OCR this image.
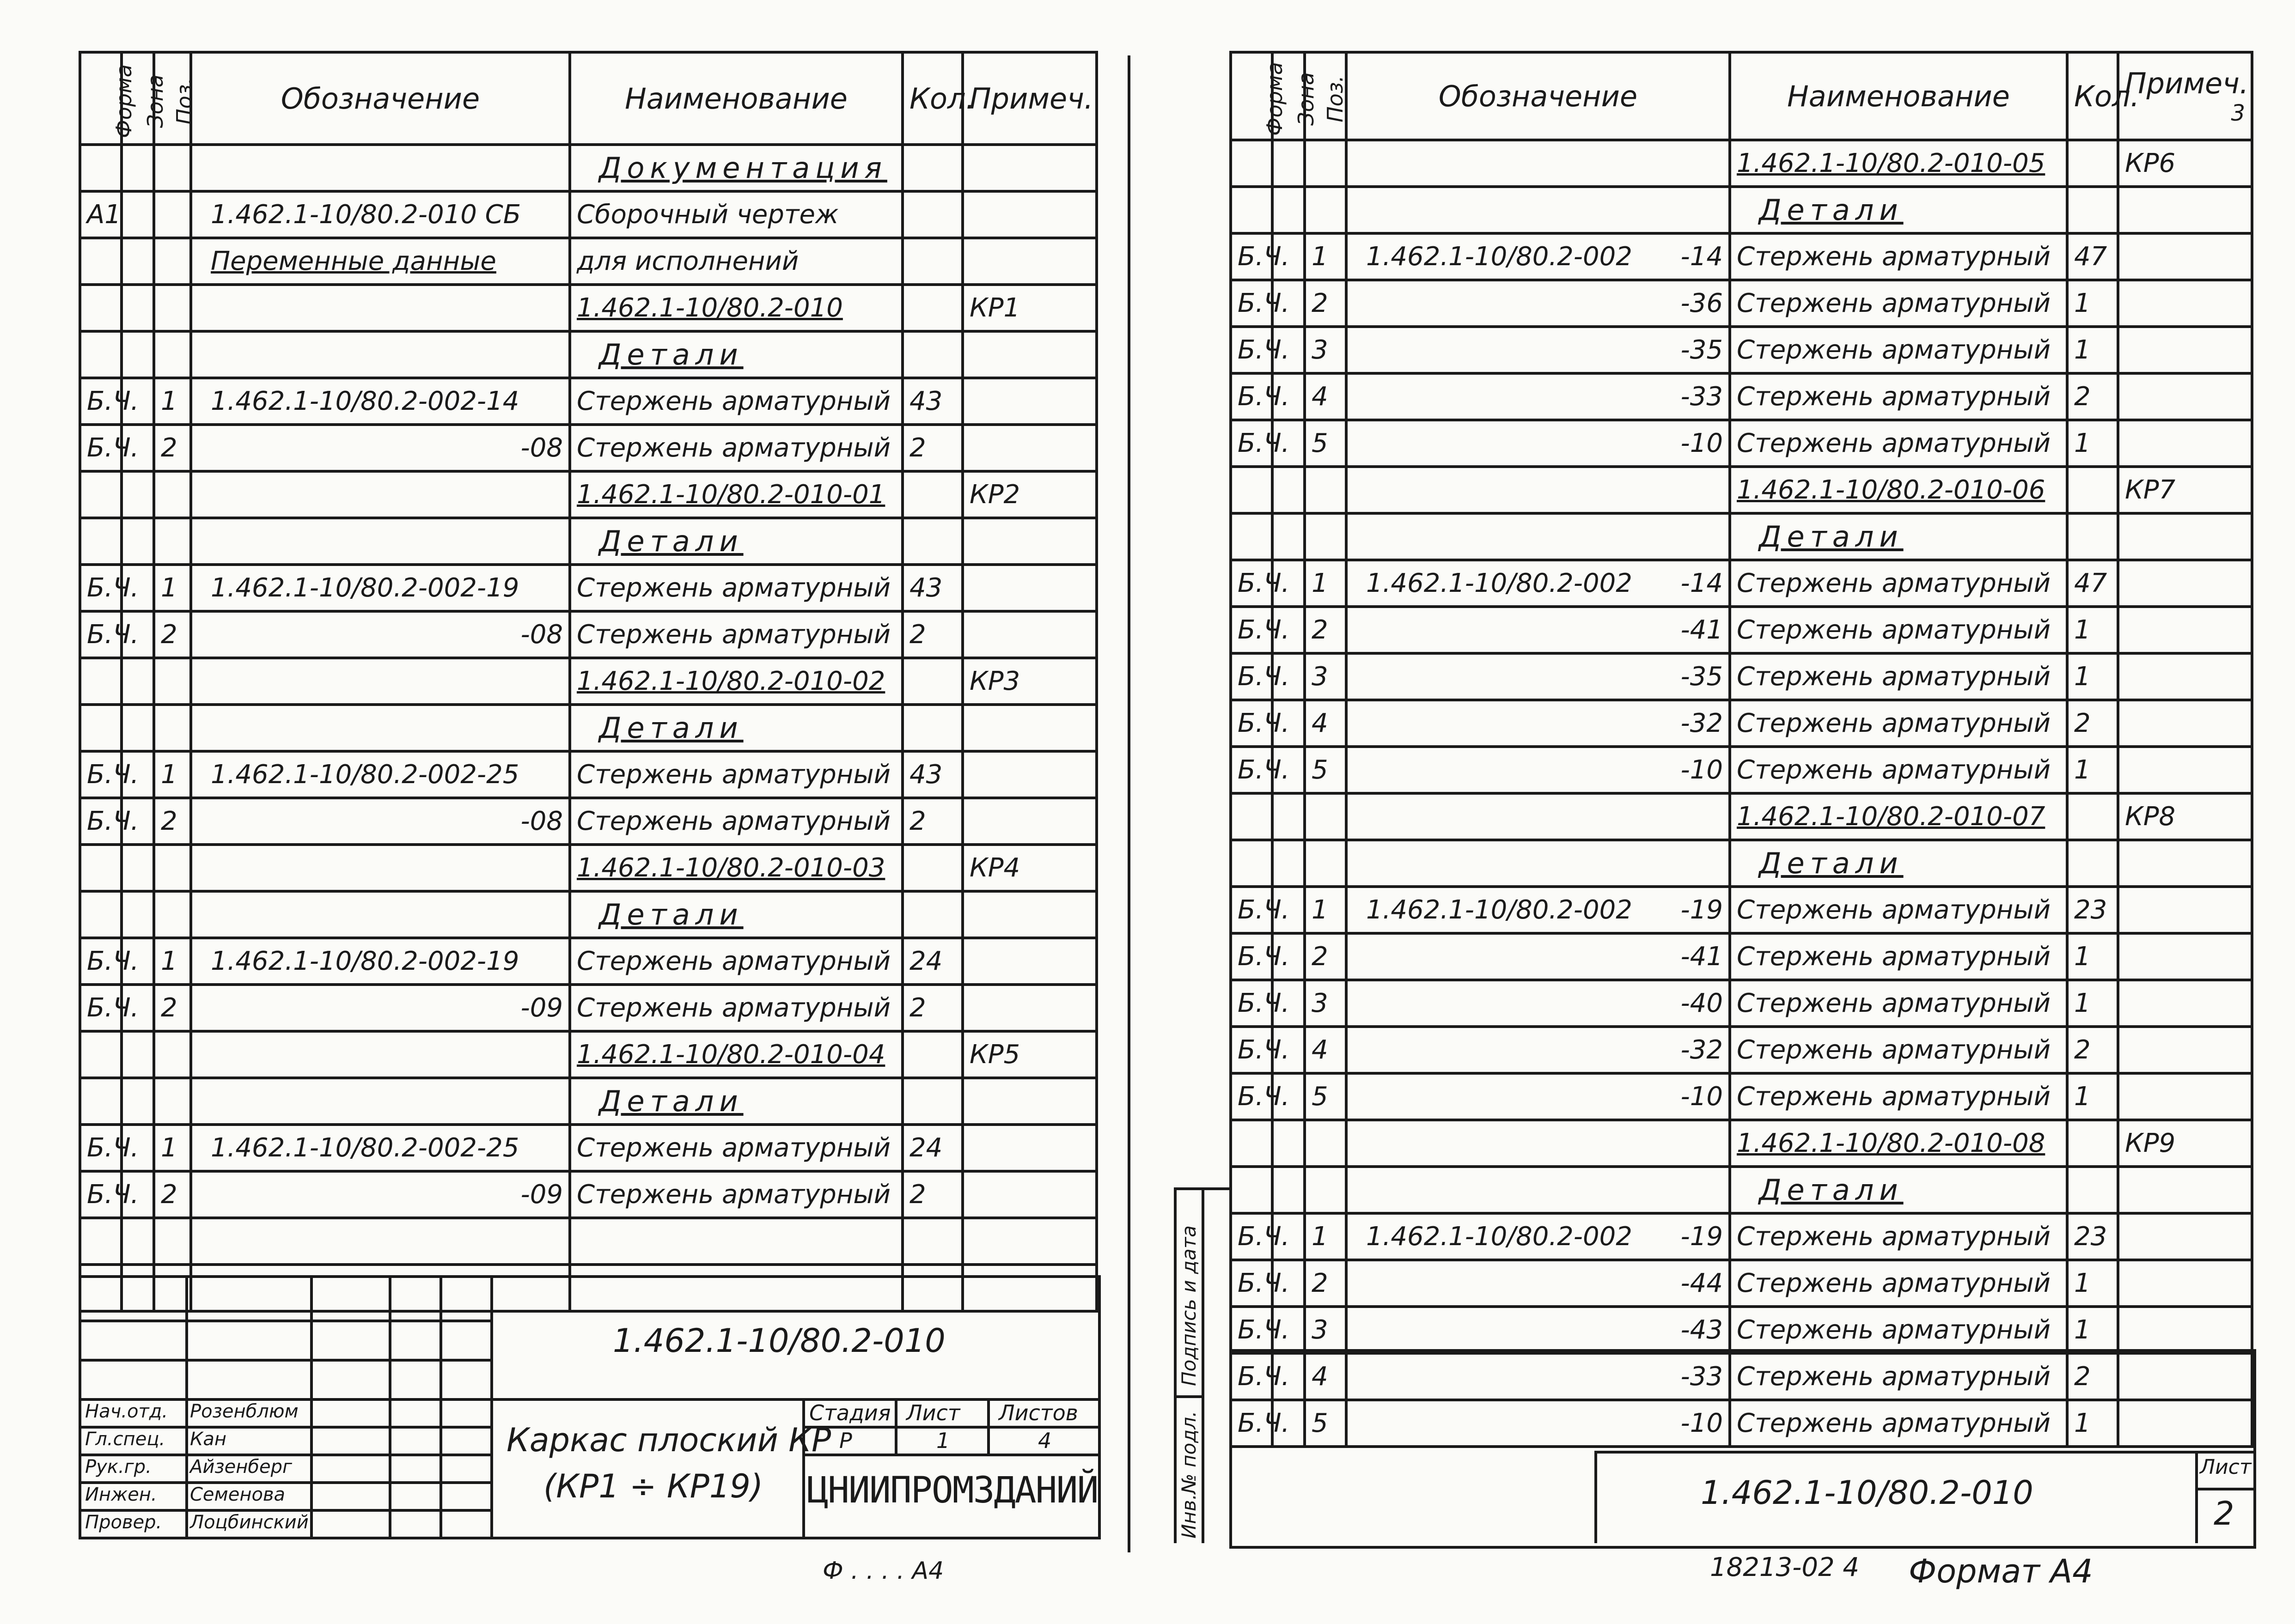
Форма	Зона	Поз.	Обозначение	Наименование	Кол.	Примеч.
				Документация		
А1			1.462.1-10/80.2-010 СБ	Сборочный чертеж		
			Переменные данные	для исполнений		
				1.462.1-10/80.2-010		КР1
				Детали		
Б.Ч.		1	1.462.1-10/80.2-002-14	Стержень арматурный	43	
Б.Ч.		2	-08	Стержень арматурный	2	
				1.462.1-10/80.2-010-01		КР2
				Детали		
Б.Ч.		1	1.462.1-10/80.2-002-19	Стержень арматурный	43	
Б.Ч.		2	-08	Стержень арматурный	2	
				1.462.1-10/80.2-010-02		КР3
				Детали		
Б.Ч.		1	1.462.1-10/80.2-002-25	Стержень арматурный	43	
Б.Ч.		2	-08	Стержень арматурный	2	
				1.462.1-10/80.2-010-03		КР4
				Детали		
Б.Ч.		1	1.462.1-10/80.2-002-19	Стержень арматурный	24	
Б.Ч.		2	-09	Стержень арматурный	2	
				1.462.1-10/80.2-010-04		КР5
				Детали		
Б.Ч.		1	1.462.1-10/80.2-002-25	Стержень арматурный	24	
Б.Ч.		2	-09	Стержень арматурный	2	

1.462.1-10/80.2-010
Каркас плоский КР
(КР1 ÷ КР19)
Стадия Лист Листов
Р	1	4
ЦНИИПРОМЗДАНИЙ
Нач.отд. Розенблюм
Гл.спец. Кан
Рук.гр. Айзенберг
Инжен. Семенова
Провер. Лоцбинский
Ф . . . . А4
Форма	Зона	Поз.	Обозначение	Наименование	Кол.	Примеч.
3

				1.462.1-10/80.2-010-05		КР6
				Детали		
Б.Ч.		1	1.462.1-10/80.2-002 -14	Стержень арматурный	47	
Б.Ч.		2	-36	Стержень арматурный	1	
Б.Ч.		3	-35	Стержень арматурный	1	
Б.Ч.		4	-33	Стержень арматурный	2	
Б.Ч.		5	-10	Стержень арматурный	1	
				1.462.1-10/80.2-010-06		КР7
				Детали		
Б.Ч.		1	1.462.1-10/80.2-002 -14	Стержень арматурный	47	
Б.Ч.		2	-41	Стержень арматурный	1	
Б.Ч.		3	-35	Стержень арматурный	1	
Б.Ч.		4	-32	Стержень арматурный	2	
Б.Ч.		5	-10	Стержень арматурный	1	
				1.462.1-10/80.2-010-07		КР8
				Детали		
Б.Ч.		1	1.462.1-10/80.2-002 -19	Стержень арматурный	23	
Б.Ч.		2	-41	Стержень арматурный	1	
Б.Ч.		3	-40	Стержень арматурный	1	
Б.Ч.		4	-32	Стержень арматурный	2	
Б.Ч.		5	-10	Стержень арматурный	1	
				1.462.1-10/80.2-010-08		КР9
				Детали		
Б.Ч.		1	1.462.1-10/80.2-002 -19	Стержень арматурный	23	
Б.Ч.		2	-44	Стержень арматурный	1	
Б.Ч.		3	-43	Стержень арматурный	1	
Б.Ч.		4	-33	Стержень арматурный	2	
Б.Ч.		5	-10	Стержень арматурный	1	
Подпись и дата
Инв.№ подл.	1.462.1-10/80.2-010
Лист
2
18213-02 4 Формат А4
